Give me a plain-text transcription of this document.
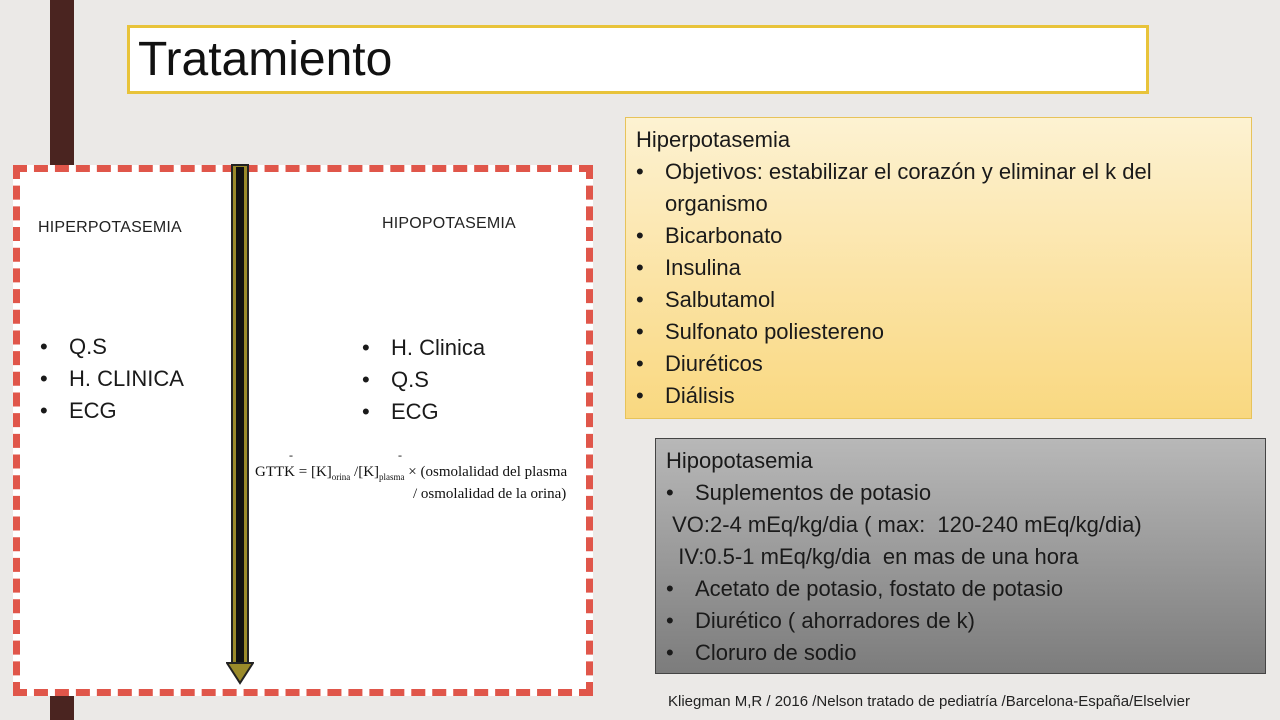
Tratamiento
HIPERPOTASEMIA
• Q.S
• H. CLINICA
• ECG
HIPOPOTASEMIA
• H. Clinica
• Q.S
• ECG
-	-
GTTK = $[K]_{orina}$ $/[K]_{plasma}$ × (osmolalidad del plasma
/ osmolalidad de la orina)
Hiperpotasemia
• Objetivos: estabilizar el corazón y eliminar el k del organismo
• Bicarbonato
• Insulina
• Salbutamol
• Sulfonato poliestereno
• Diuréticos
• Diálisis
Hipopotasemia
• Suplementos de potasio
VO:2-4 mEq/kg/dia ( max:  120-240 mEq/kg/dia)
IV:0.5-1 mEq/kg/dia  en mas de una hora
• Acetato de potasio, fostato de potasio
• Diurético ( ahorradores de k)
• Cloruro de sodio
Kliegman M,R / 2016 /Nelson tratado de pediatría /Barcelona-España/Elselvier
